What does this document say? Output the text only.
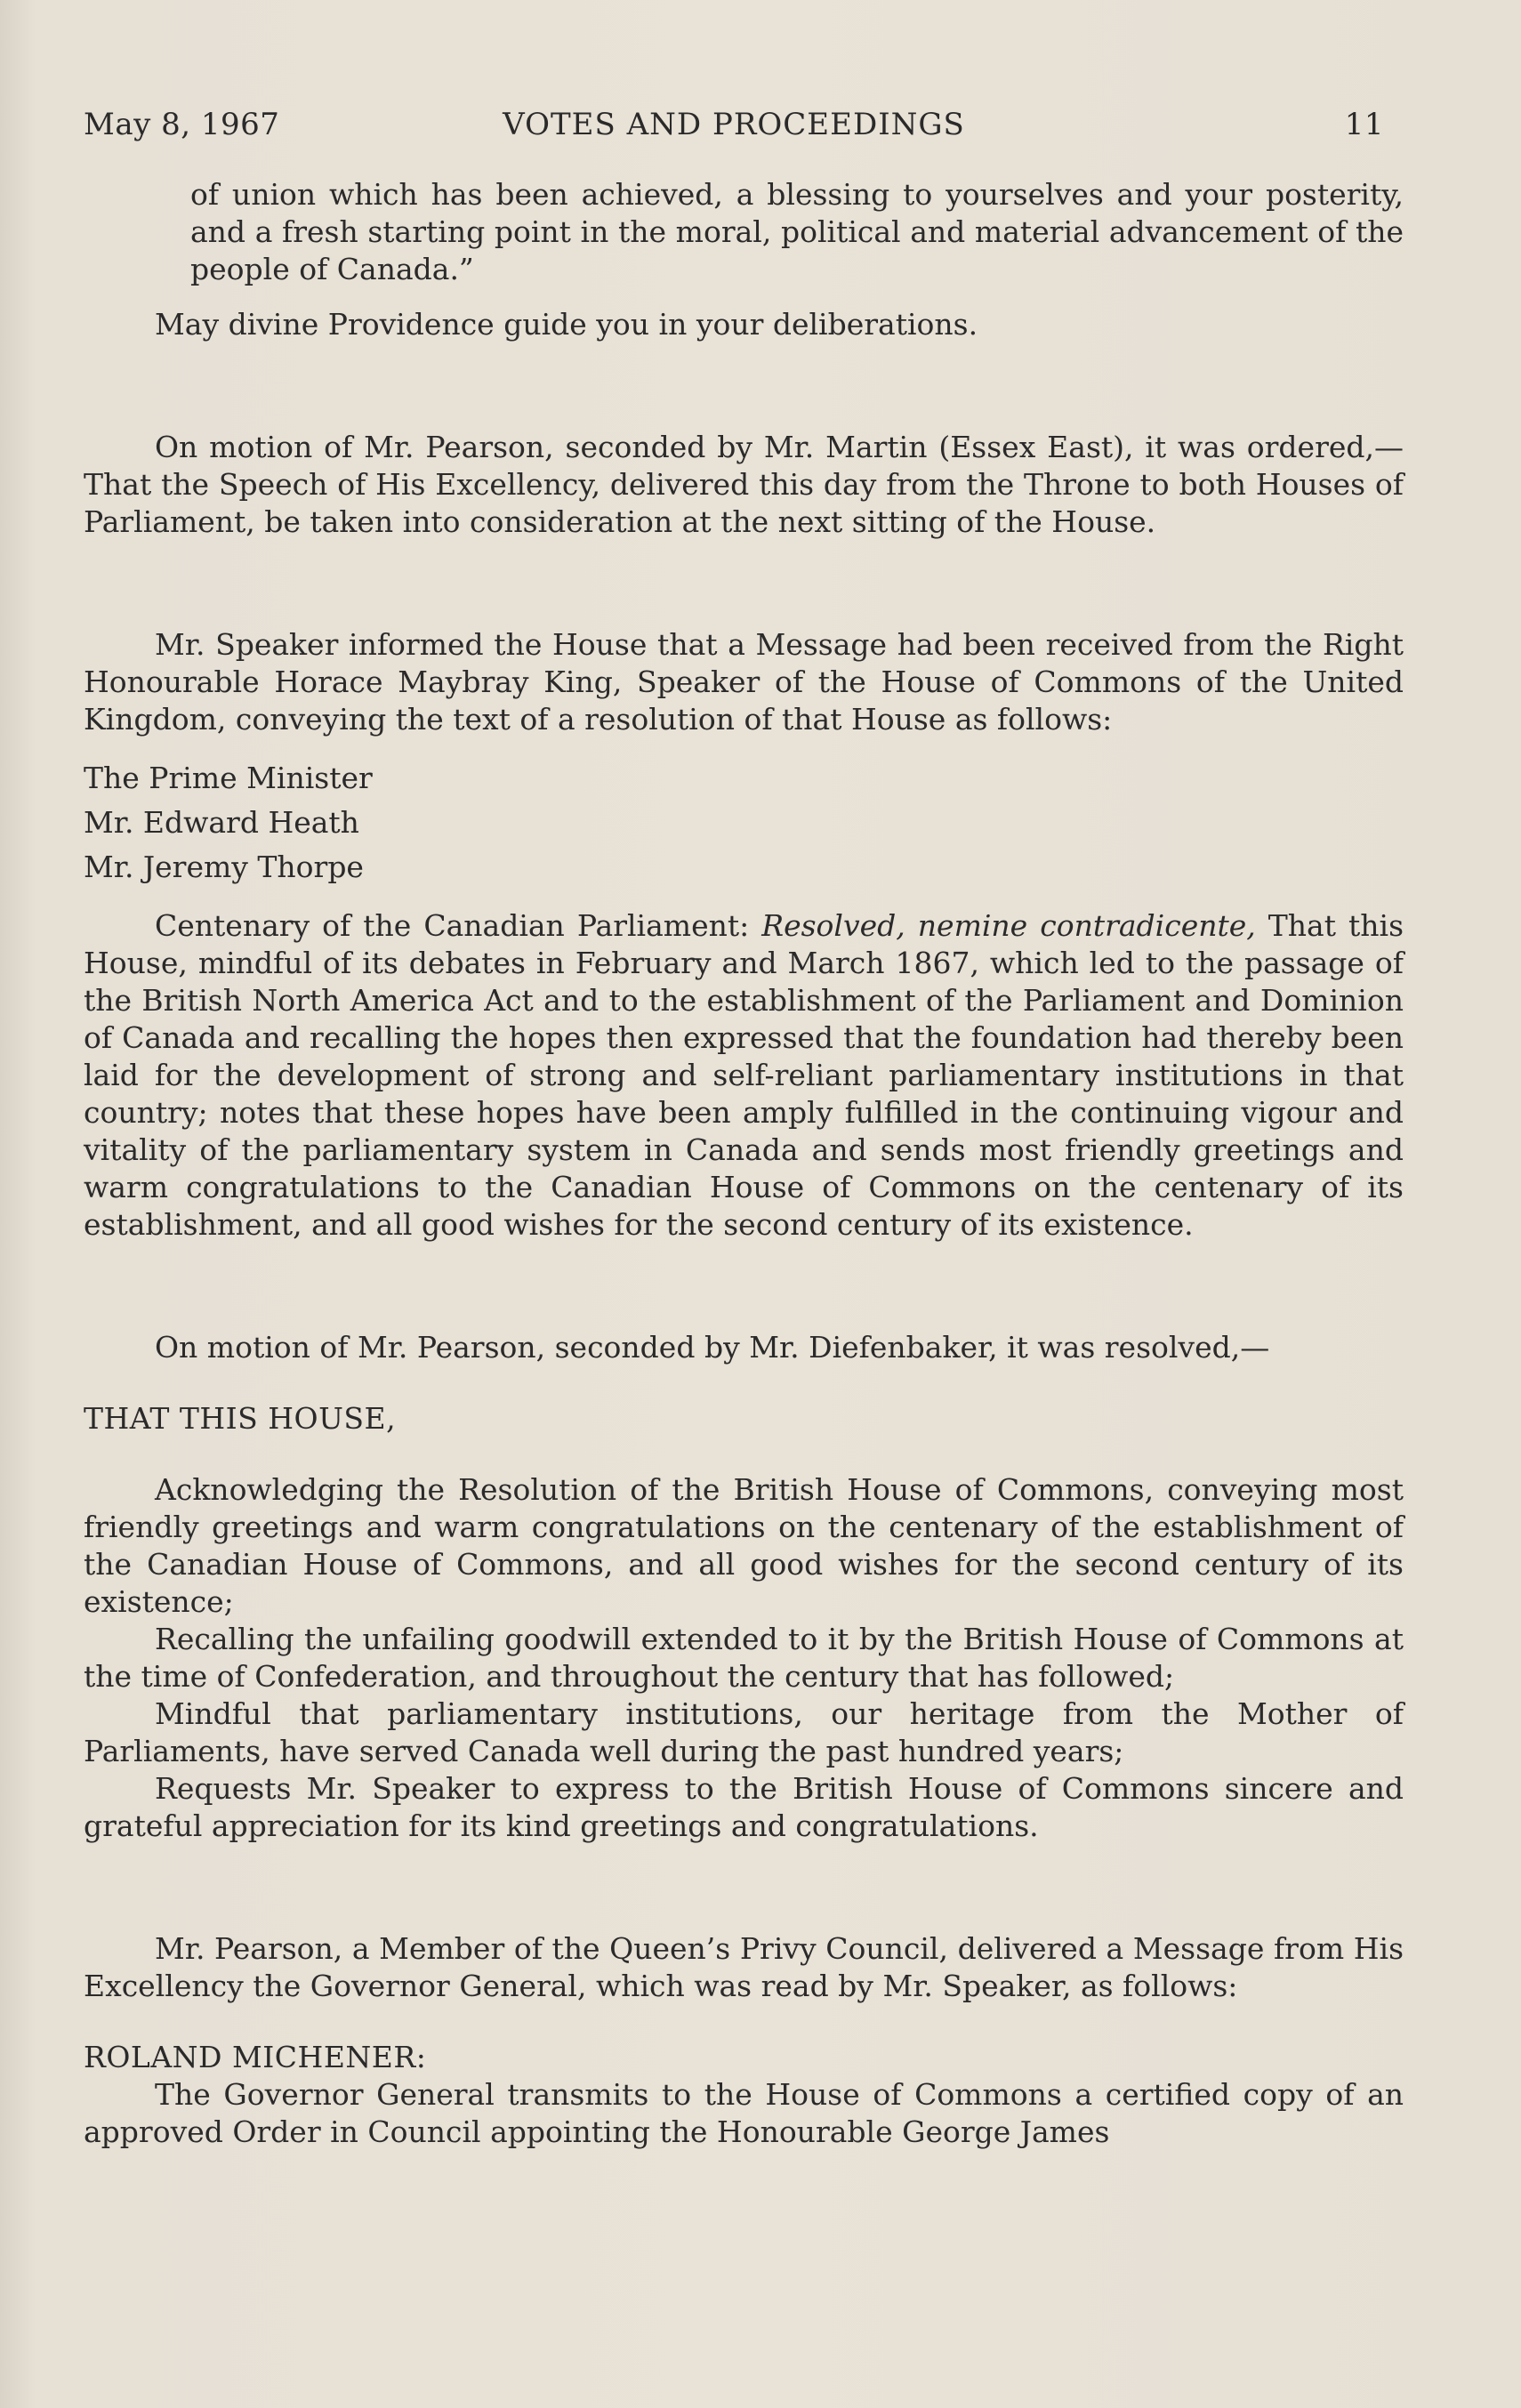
May 8, 1967	VOTES AND PROCEEDINGS	11

of union which has been achieved, a blessing to yourselves and your posterity, and a fresh starting point in the moral, political and material advancement of the people of Canada.”

May divine Providence guide you in your deliberations.

On motion of Mr. Pearson, seconded by Mr. Martin (Essex East), it was ordered,—That the Speech of His Excellency, delivered this day from the Throne to both Houses of Parliament, be taken into consideration at the next sitting of the House.

Mr. Speaker informed the House that a Message had been received from the Right Honourable Horace Maybray King, Speaker of the House of Commons of the United Kingdom, conveying the text of a resolution of that House as follows:

The Prime Minister
Mr. Edward Heath
Mr. Jeremy Thorpe

Centenary of the Canadian Parliament: Resolved, nemine contradicente, That this House, mindful of its debates in February and March 1867, which led to the passage of the British North America Act and to the establishment of the Parliament and Dominion of Canada and recalling the hopes then expressed that the foundation had thereby been laid for the development of strong and self-reliant parliamentary institutions in that country; notes that these hopes have been amply fulfilled in the continuing vigour and vitality of the parliamentary system in Canada and sends most friendly greetings and warm congratulations to the Canadian House of Commons on the centenary of its establishment, and all good wishes for the second century of its existence.

On motion of Mr. Pearson, seconded by Mr. Diefenbaker, it was resolved,—

THAT THIS HOUSE,

Acknowledging the Resolution of the British House of Commons, conveying most friendly greetings and warm congratulations on the centenary of the establishment of the Canadian House of Commons, and all good wishes for the second century of its existence;

Recalling the unfailing goodwill extended to it by the British House of Commons at the time of Confederation, and throughout the century that has followed;

Mindful that parliamentary institutions, our heritage from the Mother of Parliaments, have served Canada well during the past hundred years;

Requests Mr. Speaker to express to the British House of Commons sincere and grateful appreciation for its kind greetings and congratulations.

Mr. Pearson, a Member of the Queen’s Privy Council, delivered a Message from His Excellency the Governor General, which was read by Mr. Speaker, as follows:

ROLAND MICHENER:

The Governor General transmits to the House of Commons a certified copy of an approved Order in Council appointing the Honourable George James
